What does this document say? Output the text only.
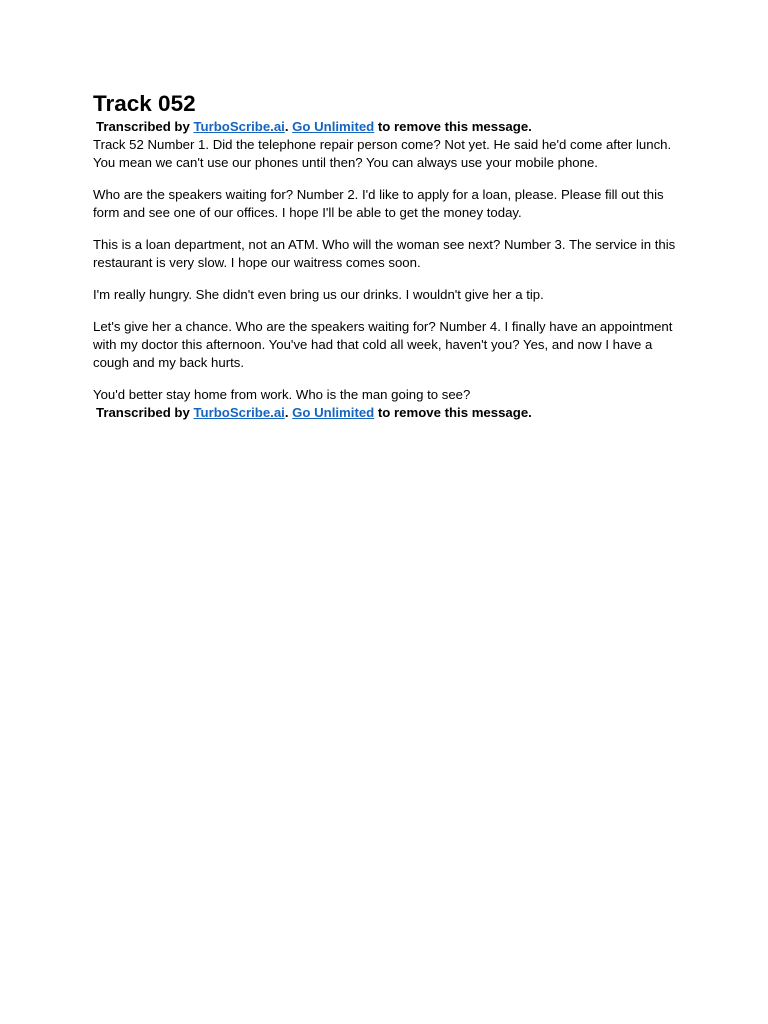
Track 052

Transcribed by TurboScribe.ai. Go Unlimited to remove this message.

Track 52 Number 1. Did the telephone repair person come? Not yet. He said he'd come after lunch. You mean we can't use our phones until then? You can always use your mobile phone.

Who are the speakers waiting for? Number 2. I'd like to apply for a loan, please. Please fill out this form and see one of our offices. I hope I'll be able to get the money today.

This is a loan department, not an ATM. Who will the woman see next? Number 3. The service in this restaurant is very slow. I hope our waitress comes soon.

I'm really hungry. She didn't even bring us our drinks. I wouldn't give her a tip.

Let's give her a chance. Who are the speakers waiting for? Number 4. I finally have an appointment with my doctor this afternoon. You've had that cold all week, haven't you? Yes, and now I have a cough and my back hurts.

You'd better stay home from work. Who is the man going to see?

Transcribed by TurboScribe.ai. Go Unlimited to remove this message.
